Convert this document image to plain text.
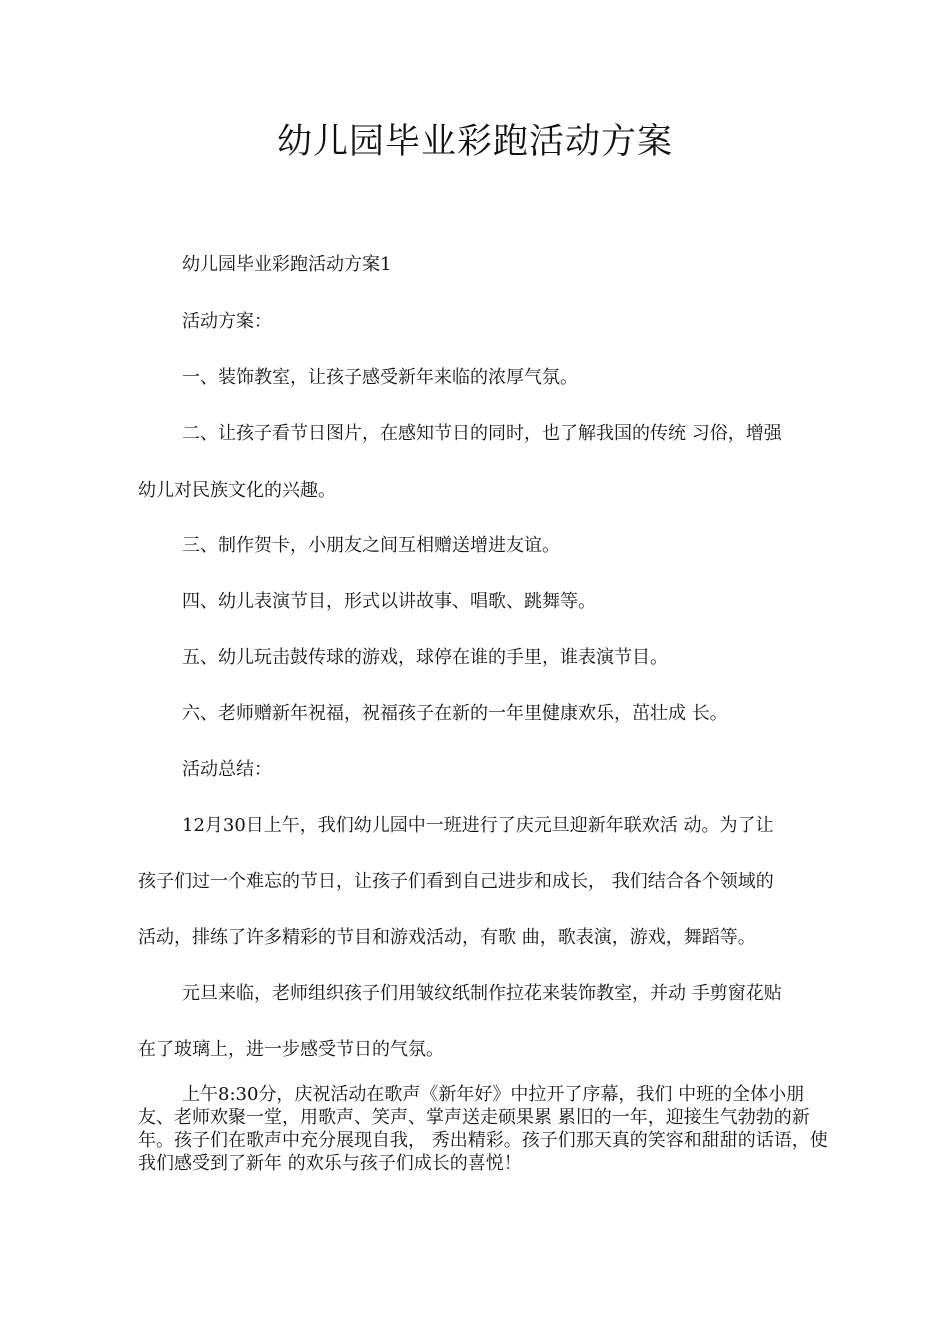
幼儿园毕业彩跑活动方案

幼儿园毕业彩跑活动方案1

活动方案：

一、装饰教室，让孩子感受新年来临的浓厚气氛。

二、让孩子看节日图片，在感知节日的同时，也了解我国的传统 习俗，增强

幼儿对民族文化的兴趣。

三、制作贺卡，小朋友之间互相赠送增进友谊。

四、幼儿表演节目，形式以讲故事、唱歌、跳舞等。

五、幼儿玩击鼓传球的游戏，球停在谁的手里，谁表演节目。

六、老师赠新年祝福，祝福孩子在新的一年里健康欢乐，茁壮成 长。

活动总结：

12月30日上午，我们幼儿园中一班进行了庆元旦迎新年联欢活 动。为了让

孩子们过一个难忘的节日，让孩子们看到自己进步和成长， 我们结合各个领域的

活动，排练了许多精彩的节目和游戏活动，有歌 曲，歌表演，游戏，舞蹈等。

元旦来临，老师组织孩子们用皱纹纸制作拉花来装饰教室，并动 手剪窗花贴

在了玻璃上，进一步感受节日的气氛。

上午8:30分，庆祝活动在歌声《新年好》中拉开了序幕，我们 中班的全体小朋友、老师欢聚一堂，用歌声、笑声、掌声送走硕果累 累旧的一年，迎接生气勃勃的新年。孩子们在歌声中充分展现自我， 秀出精彩。孩子们那天真的笑容和甜甜的话语，使我们感受到了新年 的欢乐与孩子们成长的喜悦！
